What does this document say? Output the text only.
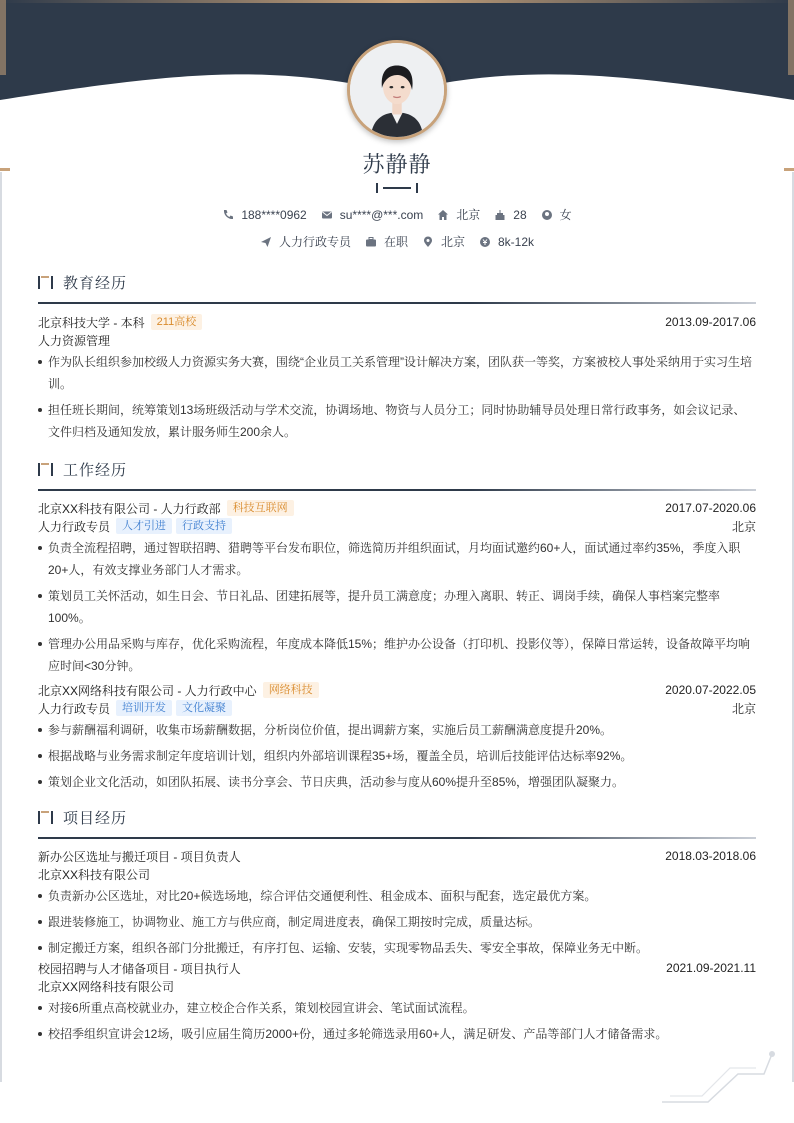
苏静静
188****0962	su****@***.com	北京	28	女
人力行政专员	在职	北京	8k-12k
教育经历
北京科技大学 - 本科	211高校	2013.09-2017.06
人力资源管理
作为队长组织参加校级人力资源实务大赛，围绕“企业员工关系管理”设计解决方案，团队获一等奖，方案被校人事处采纳用于实习生培训。
担任班长期间，统筹策划13场班级活动与学术交流，协调场地、物资与人员分工；同时协助辅导员处理日常行政事务，如会议记录、文件归档及通知发放，累计服务师生200余人。
工作经历
北京XX科技有限公司 - 人力行政部	科技互联网	2017.07-2020.06
人力行政专员	人才引进	行政支持	北京
负责全流程招聘，通过智联招聘、猎聘等平台发布职位，筛选简历并组织面试，月均面试邀约60+人，面试通过率约35%，季度入职20+人，有效支撑业务部门人才需求。
策划员工关怀活动，如生日会、节日礼品、团建拓展等，提升员工满意度；办理入离职、转正、调岗手续，确保人事档案完整率100%。
管理办公用品采购与库存，优化采购流程，年度成本降低15%；维护办公设备（打印机、投影仪等），保障日常运转，设备故障平均响应时间<30分钟。
北京XX网络科技有限公司 - 人力行政中心	网络科技	2020.07-2022.05
人力行政专员	培训开发	文化凝聚	北京
参与薪酬福利调研，收集市场薪酬数据，分析岗位价值，提出调薪方案，实施后员工薪酬满意度提升20%。
根据战略与业务需求制定年度培训计划，组织内外部培训课程35+场，覆盖全员，培训后技能评估达标率92%。
策划企业文化活动，如团队拓展、读书分享会、节日庆典，活动参与度从60%提升至85%，增强团队凝聚力。
项目经历
新办公区选址与搬迁项目 - 项目负责人	2018.03-2018.06
北京XX科技有限公司
负责新办公区选址，对比20+候选场地，综合评估交通便利性、租金成本、面积与配套，选定最优方案。
跟进装修施工，协调物业、施工方与供应商，制定周进度表，确保工期按时完成，质量达标。
制定搬迁方案，组织各部门分批搬迁，有序打包、运输、安装，实现零物品丢失、零安全事故，保障业务无中断。
校园招聘与人才储备项目 - 项目执行人	2021.09-2021.11
北京XX网络科技有限公司
对接6所重点高校就业办，建立校企合作关系，策划校园宣讲会、笔试面试流程。
校招季组织宣讲会12场，吸引应届生简历2000+份，通过多轮筛选录用60+人，满足研发、产品等部门人才储备需求。
